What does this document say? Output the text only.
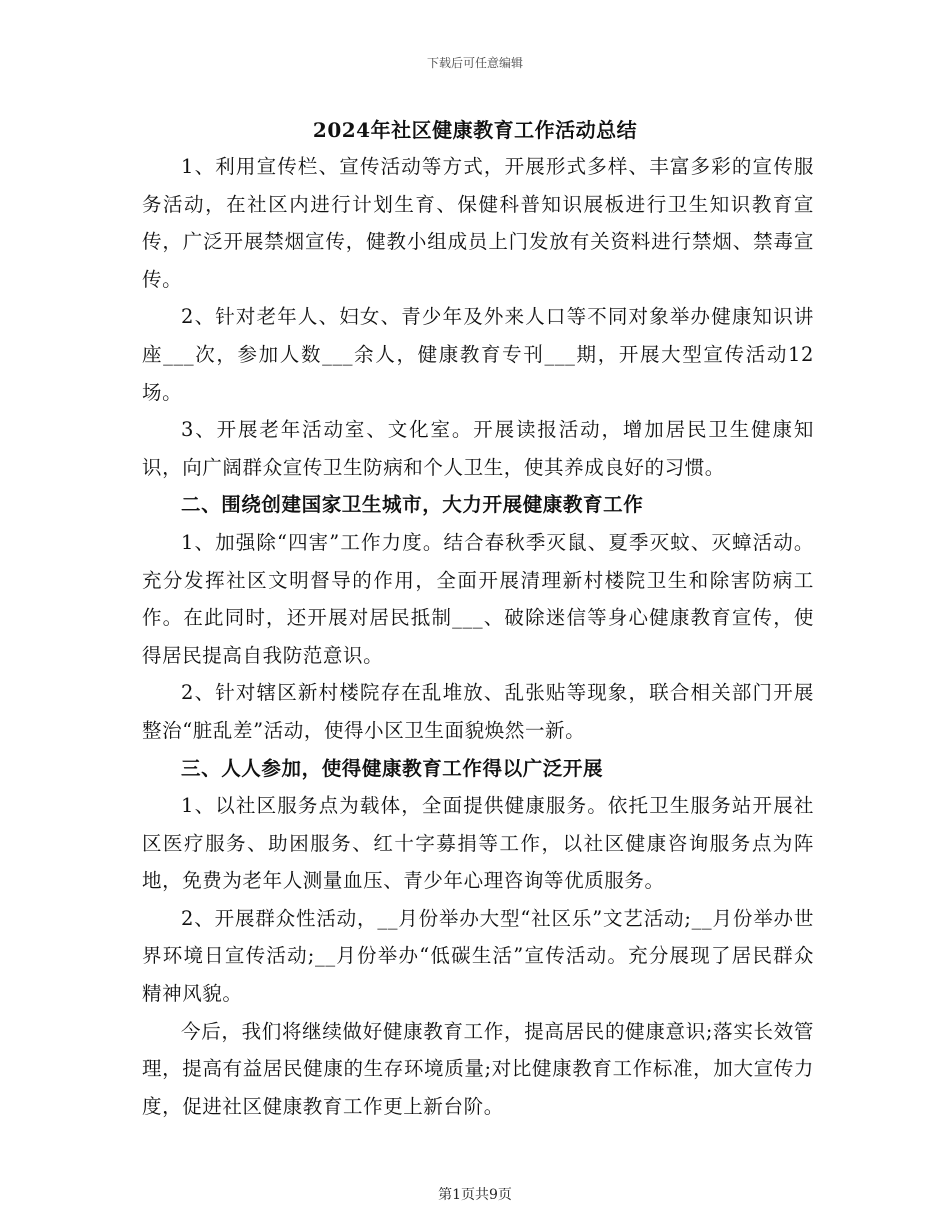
下载后可任意编辑
2024年社区健康教育工作活动总结

1、利用宣传栏、宣传活动等方式，开展形式多样、丰富多彩的宣传服务活动，在社区内进行计划生育、保健科普知识展板进行卫生知识教育宣传，广泛开展禁烟宣传，健教小组成员上门发放有关资料进行禁烟、禁毒宣传。

2、针对老年人、妇女、青少年及外来人口等不同对象举办健康知识讲座___次，参加人数___余人，健康教育专刊___期，开展大型宣传活动12场。

3、开展老年活动室、文化室。开展读报活动，增加居民卫生健康知识，向广阔群众宣传卫生防病和个人卫生，使其养成良好的习惯。

二、围绕创建国家卫生城市，大力开展健康教育工作

1、加强除“四害”工作力度。结合春秋季灭鼠、夏季灭蚊、灭蟑活动。充分发挥社区文明督导的作用，全面开展清理新村楼院卫生和除害防病工作。在此同时，还开展对居民抵制___、破除迷信等身心健康教育宣传，使得居民提高自我防范意识。

2、针对辖区新村楼院存在乱堆放、乱张贴等现象，联合相关部门开展整治“脏乱差”活动，使得小区卫生面貌焕然一新。

三、人人参加，使得健康教育工作得以广泛开展

1、以社区服务点为载体，全面提供健康服务。依托卫生服务站开展社区医疗服务、助困服务、红十字募捐等工作，以社区健康咨询服务点为阵地，免费为老年人测量血压、青少年心理咨询等优质服务。

2、开展群众性活动，__月份举办大型“社区乐”文艺活动;__月份举办世界环境日宣传活动;__月份举办“低碳生活”宣传活动。充分展现了居民群众精神风貌。

今后，我们将继续做好健康教育工作，提高居民的健康意识;落实长效管理，提高有益居民健康的生存环境质量;对比健康教育工作标准，加大宣传力度，促进社区健康教育工作更上新台阶。

第1页共9页
